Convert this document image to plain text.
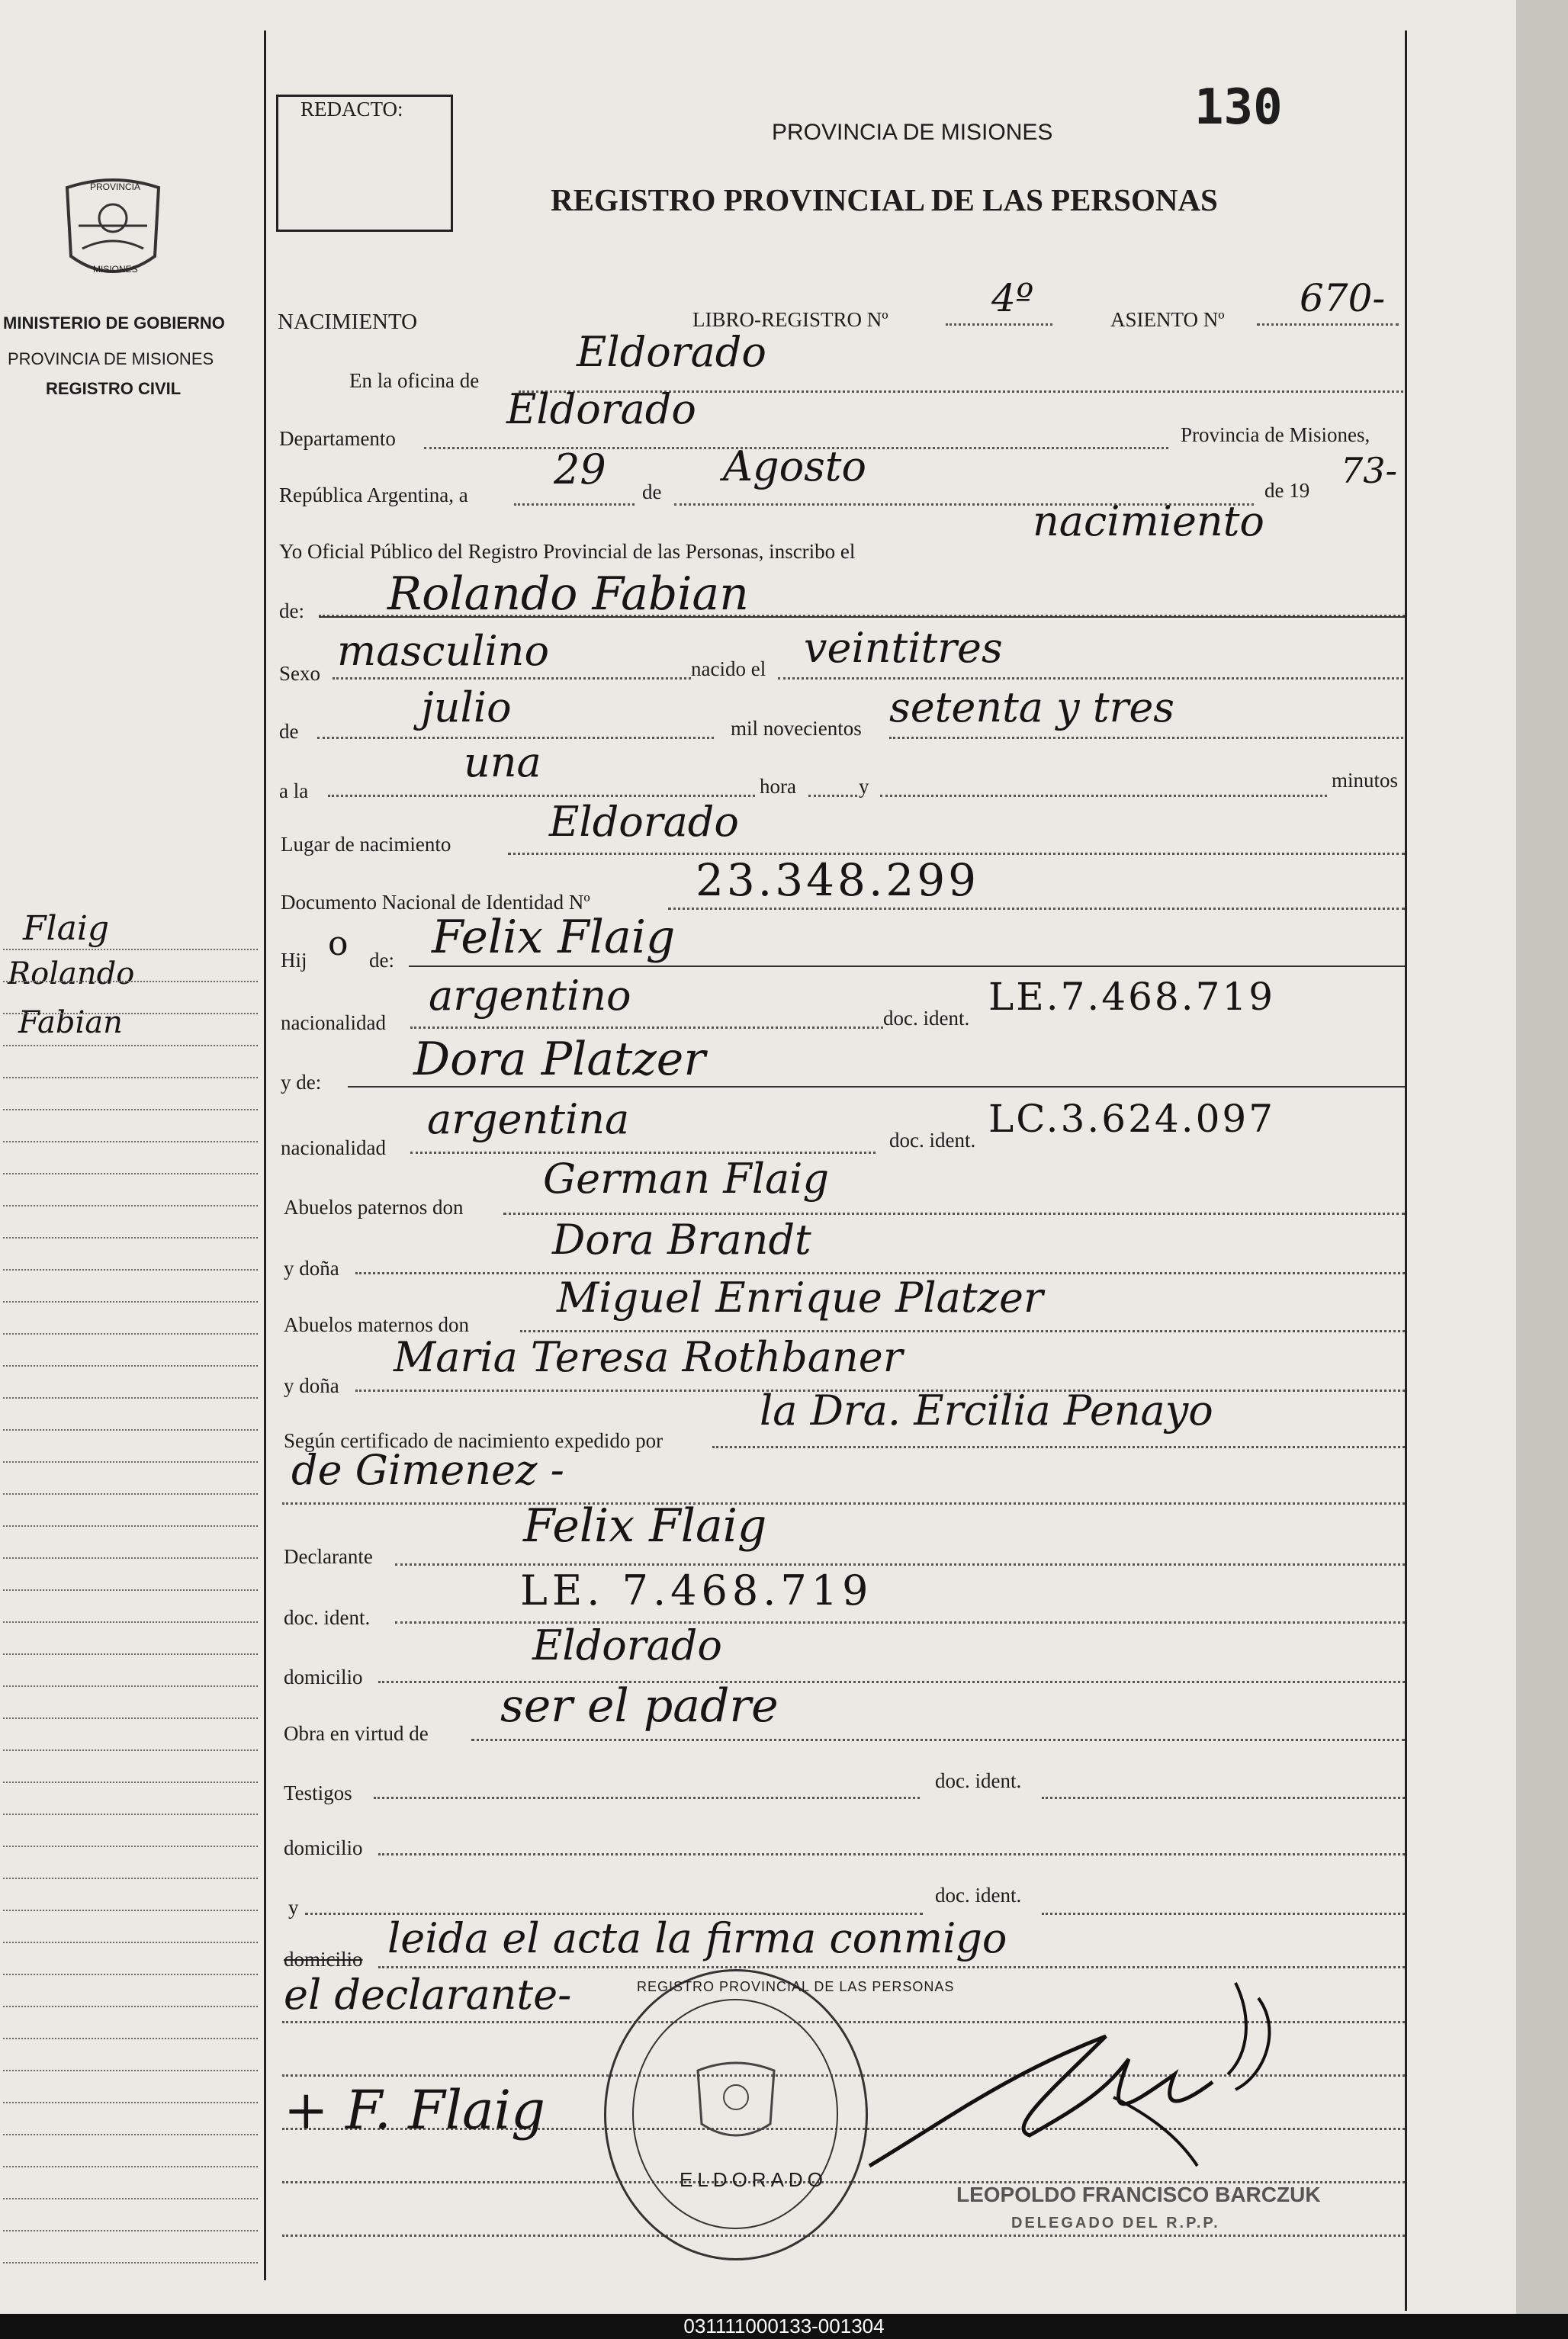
PROVINCIA
MISIONES
MINISTERIO DE GOBIERNO
PROVINCIA DE MISIONES
REGISTRO CIVIL
Flaig
Rolando
Fabian
REDACTO:
PROVINCIA DE MISIONES	130
REGISTRO PROVINCIAL DE LAS PERSONAS
NACIMIENTO	LIBRO-REGISTRO Nº	4º	ASIENTO Nº 670-
En la oficina de
Eldorado
Departamento
Eldorado
Provincia de Misiones,
República Argentina, a
29 de
Agosto	de 19 73-
Yo Oficial Público del Registro Provincial de las Personas, inscribo el
nacimiento
de: Rolando Fabian
Sexo masculino	nacido el veintitres
de	julio	mil novecientos setenta y tres
a la
una	hora	y	minutos
Lugar de nacimiento Eldorado
Documento Nacional de Identidad Nº 23.348.299
Hij o de: Felix Flaig
nacionalidad
argentino	doc. ident. LE.7.468.719
y de: Dora Platzer
nacionalidad
argentina	doc. ident. LC.3.624.097
Abuelos paternos don
German Flaig
y doña
Dora Brandt
Abuelos maternos don
Miguel Enrique Platzer
y doña
Maria Teresa Rothbaner
Según certificado de nacimiento expedido por
la Dra. Ercilia Penayo
de Gimenez -
Declarante
Felix Flaig
doc. ident.
LE. 7.468.719
domicilio
Eldorado
Obra en virtud de
ser el padre
Testigos
doc. ident.
domicilio
y
doc. ident.
domicilio leida el acta la firma conmigo
el declarante-
+ F. Flaig
REGISTRO PROVINCIAL DE LAS PERSONAS
ELDORADO
LEOPOLDO FRANCISCO BARCZUK
DELEGADO DEL R.P.P.
031111000133-001304
